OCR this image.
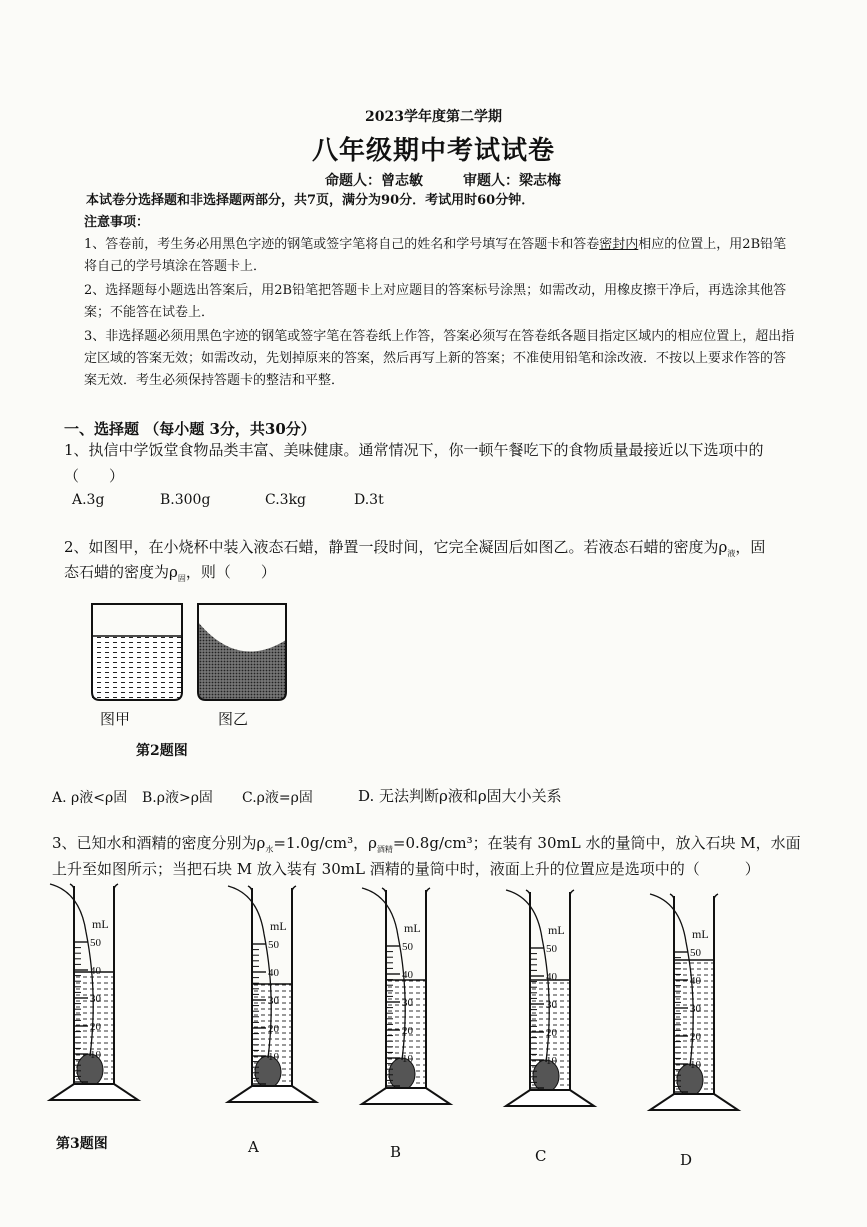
2023学年度第二学期
八年级期中考试试卷
命题人：曾志敏	审题人：梁志梅
本试卷分选择题和非选择题两部分，共7页，满分为90分．考试用时60分钟．
注意事项：
1、答卷前，考生务必用黑色字迹的钢笔或签字笔将自己的姓名和学号填写在答题卡和答卷密封内相应的位置上，用2B铅笔
将自己的学号填涂在答题卡上．
2、选择题每小题选出答案后，用2B铅笔把答题卡上对应题目的答案标号涂黑；如需改动，用橡皮擦干净后，再选涂其他答
案；不能答在试卷上．
3、非选择题必须用黑色字迹的钢笔或签字笔在答卷纸上作答，答案必须写在答卷纸各题目指定区域内的相应位置上，超出指
定区域的答案无效；如需改动，先划掉原来的答案，然后再写上新的答案；不准使用铅笔和涂改液．不按以上要求作答的答
案无效．考生必须保持答题卡的整洁和平整．
一、选择题 （每小题 3分，共30分）
1、执信中学饭堂食物品类丰富、美味健康。通常情况下，你一顿午餐吃下的食物质量最接近以下选项中的
（　　）
A.3g	B.300g	C.3kg	D.3t
2、如图甲，在小烧杯中装入液态石蜡，静置一段时间，它完全凝固后如图乙。若液态石蜡的密度为$\rho_液$，固
态石蜡的密度为$\rho_固$，则（　　）
图甲	图乙
第2题图
A. ρ液<ρ固 B.ρ液>ρ固 C.ρ液=ρ固	D. 无法判断ρ液和ρ固大小关系
3、已知水和酒精的密度分别为$\rho_水=1.0g$/cm³，$\rho_{酒精}=0.8g$/cm³；在装有 30mL 水的量筒中，放入石块 M，水面
上升至如图所示；当把石块 M 放入装有 30mL 酒精的量筒中时，液面上升的位置应是选项中的（　　　）
mL
50
40
30
20
10
mL
50
40
30
20
10
mL
50
40
30
20
10
mL
50
40
30
20
10
mL
50
40
30
20
10
第3题图	A	B	C	D
